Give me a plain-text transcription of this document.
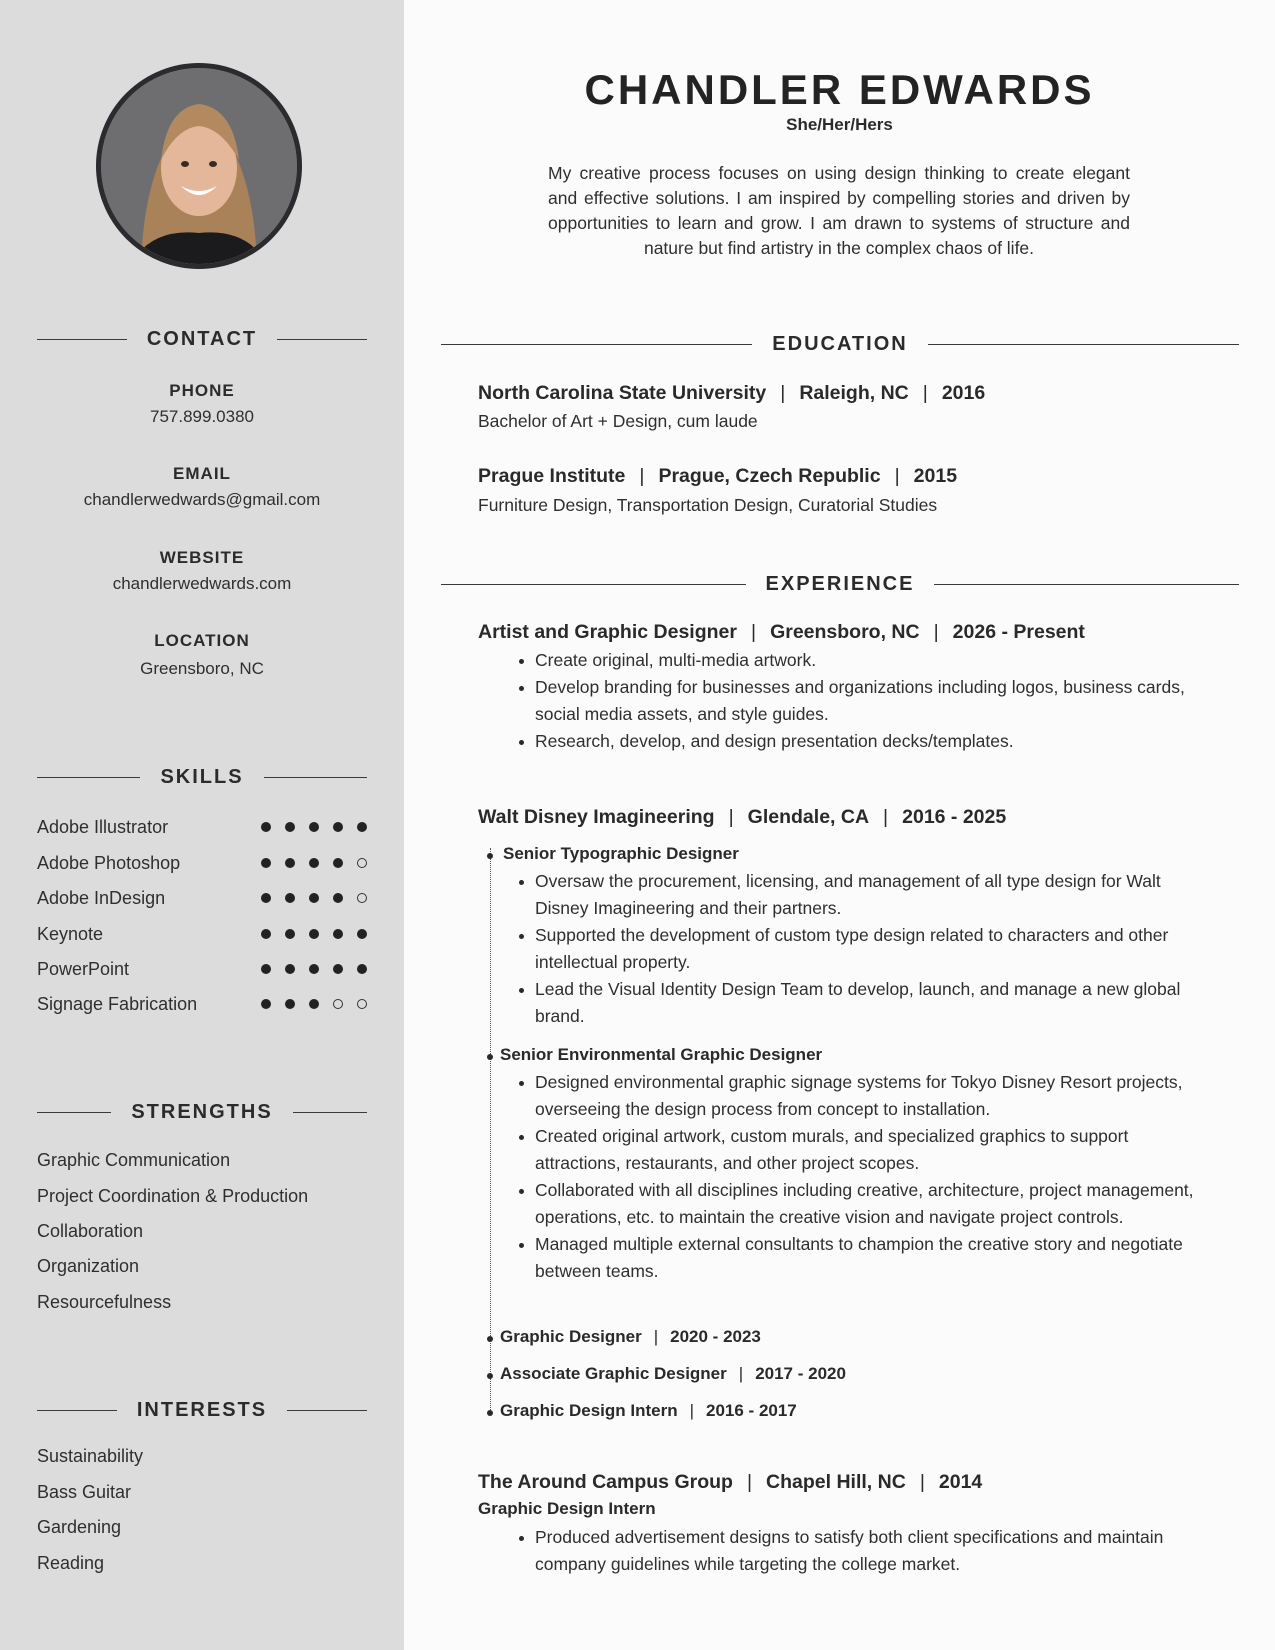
CONTACT
PHONE
757.899.0380
EMAIL
chandlerwedwards@gmail.com
WEBSITE
chandlerwedwards.com
LOCATION
Greensboro, NC
SKILLS
Adobe Illustrator
Adobe Photoshop
Adobe InDesign
Keynote
PowerPoint
Signage Fabrication
STRENGTHS
Graphic Communication
Project Coordination & Production
Collaboration
Organization
Resourcefulness
INTERESTS
Sustainability
Bass Guitar
Gardening
Reading
CHANDLER EDWARDS
She/Her/Hers
My creative process focuses on using design thinking to create elegant and effective solutions. I am inspired by compelling stories and driven by opportunities to learn and grow. I am drawn to systems of structure and nature but find artistry in the complex chaos of life.
EDUCATION
North Carolina State University | Raleigh, NC | 2016
Bachelor of Art + Design, cum laude
Prague Institute | Prague, Czech Republic | 2015
Furniture Design, Transportation Design, Curatorial Studies
EXPERIENCE
Artist and Graphic Designer | Greensboro, NC | 2026 - Present
Create original, multi-media artwork.
Develop branding for businesses and organizations including logos, business cards, social media assets, and style guides.
Research, develop, and design presentation decks/templates.
Walt Disney Imagineering | Glendale, CA | 2016 - 2025
Senior Typographic Designer
Oversaw the procurement, licensing, and management of all type design for Walt Disney Imagineering and their partners.
Supported the development of custom type design related to characters and other intellectual property.
Lead the Visual Identity Design Team to develop, launch, and manage a new global brand.
Senior Environmental Graphic Designer
Designed environmental graphic signage systems for Tokyo Disney Resort projects, overseeing the design process from concept to installation.
Created original artwork, custom murals, and specialized graphics to support attractions, restaurants, and other project scopes.
Collaborated with all disciplines including creative, architecture, project management, operations, etc. to maintain the creative vision and navigate project controls.
Managed multiple external consultants to champion the creative story and negotiate between teams.
Graphic Designer | 2020 - 2023
Associate Graphic Designer | 2017 - 2020
Graphic Design Intern | 2016 - 2017
The Around Campus Group | Chapel Hill, NC | 2014
Graphic Design Intern
Produced advertisement designs to satisfy both client specifications and maintain company guidelines while targeting the college market.
